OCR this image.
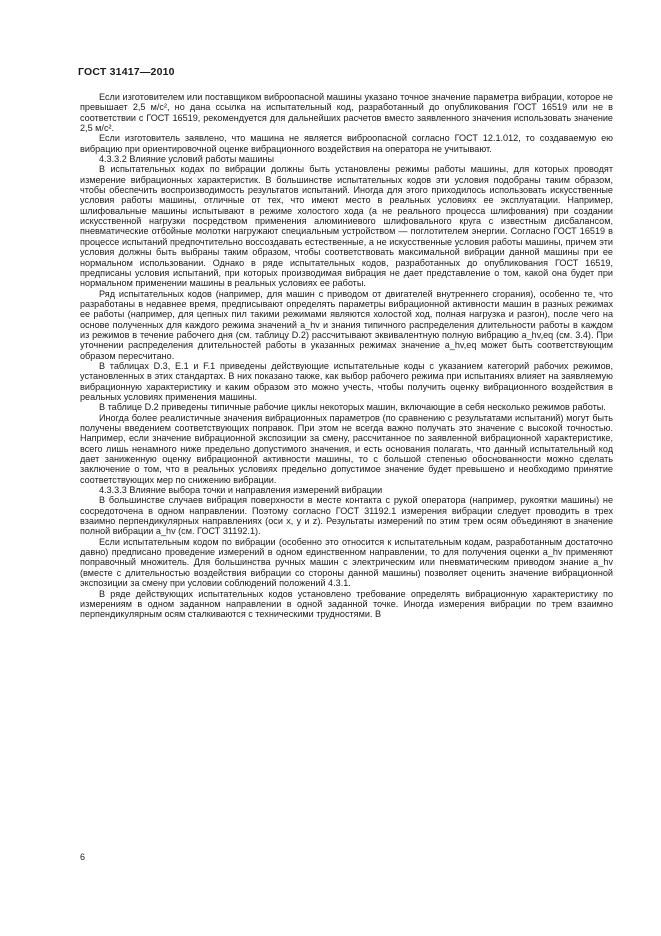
ГОСТ 31417—2010

Если изготовителем или поставщиком виброопасной машины указано точное значение параметра вибрации, которое не превышает 2,5 м/с², но дана ссылка на испытательный код, разработанный до опубликования ГОСТ 16519 или не в соответствии с ГОСТ 16519, рекомендуется для дальнейших расчетов вместо заявленного значения использовать значение 2,5 м/с².

Если изготовитель заявлено, что машина не является виброопасной согласно ГОСТ 12.1.012, то создаваемую ею вибрацию при ориентировочной оценке вибрационного воздействия на оператора не учитывают.

4.3.3.2 Влияние условий работы машины

В испытательных кодах по вибрации должны быть установлены режимы работы машины, для которых проводят измерение вибрационных характеристик. В большинстве испытательных кодов эти условия подобраны таким образом, чтобы обеспечить воспроизводимость результатов испытаний. Иногда для этого приходилось использовать искусственные условия работы машины, отличные от тех, что имеют место в реальных условиях ее эксплуатации. Например, шлифовальные машины испытывают в режиме холостого хода (а не реального процесса шлифования) при создании искусственной нагрузки посредством применения алюминиевого шлифовального круга с известным дисбалансом, пневматические отбойные молотки нагружают специальным устройством — поглотителем энергии. Согласно ГОСТ 16519 в процессе испытаний предпочтительно воссоздавать естественные, а не искусственные условия работы машины, причем эти условия должны быть выбраны таким образом, чтобы соответствовать максимальной вибрации данной машины при ее нормальном использовании. Однако в ряде испытательных кодов, разработанных до опубликования ГОСТ 16519, предписаны условия испытаний, при которых производимая вибрация не дает представление о том, какой она будет при нормальном применении машины в реальных условиях ее работы.

Ряд испытательных кодов (например, для машин с приводом от двигателей внутреннего сгорания), особенно те, что разработаны в недавнее время, предписывают определять параметры вибрационной активности машин в разных режимах ее работы (например, для цепных пил такими режимами являются холостой ход, полная нагрузка и разгон), после чего на основе полученных для каждого режима значений a_hv и знания типичного распределения длительности работы в каждом из режимов в течение рабочего дня (см. таблицу D.2) рассчитывают эквивалентную полную вибрацию a_hv,eq (см. 3.4). При уточнении распределения длительностей работы в указанных режимах значение a_hv,eq может быть соответствующим образом пересчитано.

В таблицах D.3, E.1 и F.1 приведены действующие испытательные коды с указанием категорий рабочих режимов, установленных в этих стандартах. В них показано также, как выбор рабочего режима при испытаниях влияет на заявляемую вибрационную характеристику и каким образом это можно учесть, чтобы получить оценку вибрационного воздействия в реальных условиях применения машины.

В таблице D.2 приведены типичные рабочие циклы некоторых машин, включающие в себя несколько режимов работы.

Иногда более реалистичные значения вибрационных параметров (по сравнению с результатами испытаний) могут быть получены введением соответствующих поправок. При этом не всегда важно получать это значение с высокой точностью. Например, если значение вибрационной экспозиции за смену, рассчитанное по заявленной вибрационной характеристике, всего лишь ненамного ниже предельно допустимого значения, и есть основания полагать, что данный испытательный код дает заниженную оценку вибрационной активности машины, то с большой степенью обоснованности можно сделать заключение о том, что в реальных условиях предельно допустимое значение будет превышено и необходимо принятие соответствующих мер по снижению вибрации.

4.3.3.3 Влияние выбора точки и направления измерений вибрации

В большинстве случаев вибрация поверхности в месте контакта с рукой оператора (например, рукоятки машины) не сосредоточена в одном направлении. Поэтому согласно ГОСТ 31192.1 измерения вибрации следует проводить в трех взаимно перпендикулярных направлениях (оси x, y и z). Результаты измерений по этим трем осям объединяют в значение полной вибрации a_hv (см. ГОСТ 31192.1).

Если испытательным кодом по вибрации (особенно это относится к испытательным кодам, разработанным достаточно давно) предписано проведение измерений в одном единственном направлении, то для получения оценки a_hv применяют поправочный множитель. Для большинства ручных машин с электрическим или пневматическим приводом знание a_hv (вместе с длительностью воздействия вибрации со стороны данной машины) позволяет оценить значение вибрационной экспозиции за смену при условии соблюдений положений 4.3.1.

В ряде действующих испытательных кодов установлено требование определять вибрационную характеристику по измерениям в одном заданном направлении в одной заданной точке. Иногда измерения вибрации по трем взаимно перпендикулярным осям сталкиваются с техническими трудностями. В

6
